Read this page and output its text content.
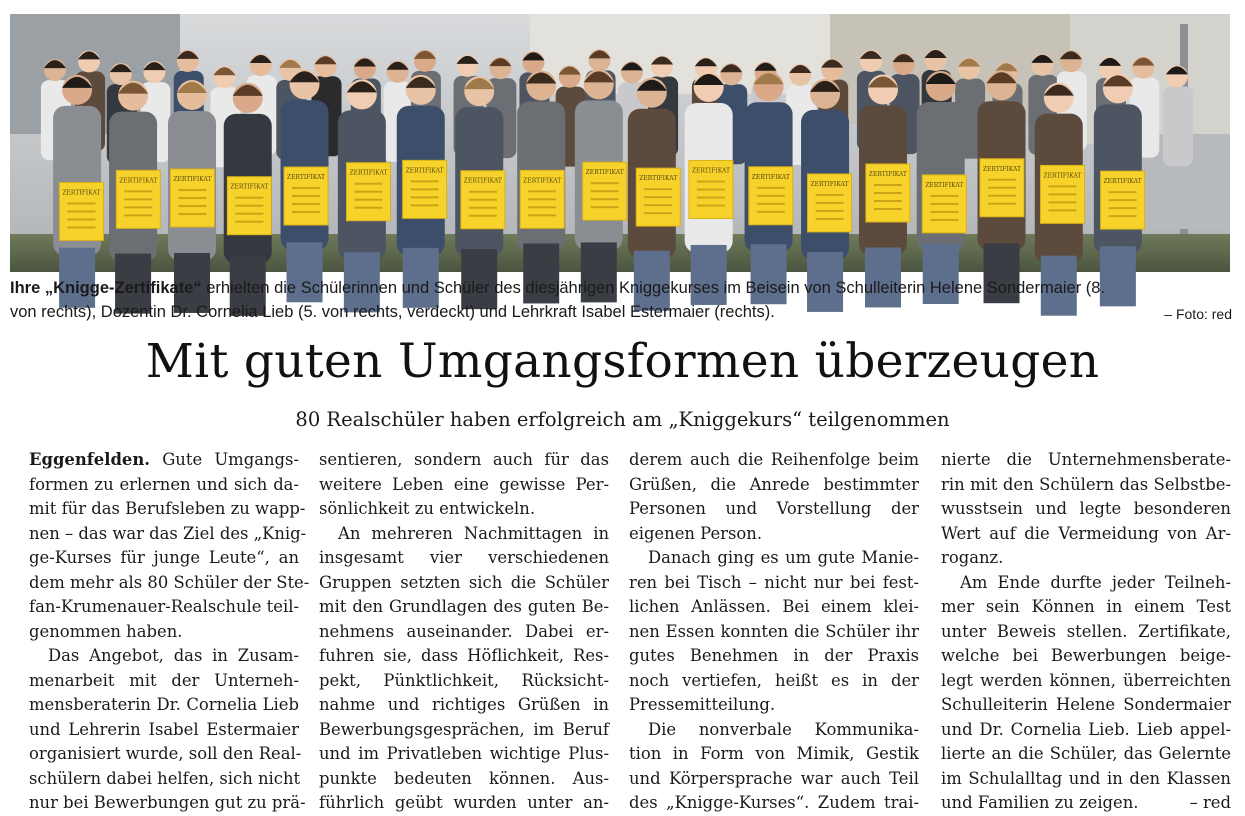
ZERTIFIKAT
ZERTIFIKAT	ZERTIFIKAT
ZERTIFIKAT
ZERTIFIKAT
ZERTIFIKAT	ZERTIFIKAT
ZERTIFIKAT	ZERTIFIKAT
ZERTIFIKAT
ZERTIFIKAT
ZERTIFIKAT
ZERTIFIKAT
ZERTIFIKAT
ZERTIFIKAT
ZERTIFIKAT
ZERTIFIKAT
ZERTIFIKAT
ZERTIFIKAT
Ihre „Knigge-Zertifikate“ erhielten die Schülerinnen und Schüler des diesjährigen Kniggekurses im Beisein von Schulleiterin Helene Sondermaier (8.
von rechts), Dozentin Dr. Cornelia Lieb (5. von rechts, verdeckt) und Lehrkraft Isabel Estermaier (rechts).	– Foto: red
Mit guten Umgangsformen überzeugen
80 Realschüler haben erfolgreich am „Kniggekurs“ teilgenommen
Eggenfelden. Gute Umgangs-
formen zu erlernen und sich da-
mit für das Berufsleben zu wapp-
nen – das war das Ziel des „Knig-
ge-Kurses für junge Leute“, an
dem mehr als 80 Schüler der Ste-
fan-Krumenauer-Realschule teil-
genommen haben.
Das Angebot, das in Zusam-
menarbeit mit der Unterneh-
mensberaterin Dr. Cornelia Lieb
und Lehrerin Isabel Estermaier
organisiert wurde, soll den Real-
schülern dabei helfen, sich nicht
nur bei Bewerbungen gut zu prä-
sentieren, sondern auch für das
weitere Leben eine gewisse Per-
sönlichkeit zu entwickeln.
An mehreren Nachmittagen in
insgesamt vier verschiedenen
Gruppen setzten sich die Schüler
mit den Grundlagen des guten Be-
nehmens auseinander. Dabei er-
fuhren sie, dass Höflichkeit, Res-
pekt, Pünktlichkeit, Rücksicht-
nahme und richtiges Grüßen in
Bewerbungsgesprächen, im Beruf
und im Privatleben wichtige Plus-
punkte bedeuten können. Aus-
führlich geübt wurden unter an-
derem auch die Reihenfolge beim
Grüßen, die Anrede bestimmter
Personen und Vorstellung der
eigenen Person.
Danach ging es um gute Manie-
ren bei Tisch – nicht nur bei fest-
lichen Anlässen. Bei einem klei-
nen Essen konnten die Schüler ihr
gutes Benehmen in der Praxis
noch vertiefen, heißt es in der
Pressemitteilung.
Die nonverbale Kommunika-
tion in Form von Mimik, Gestik
und Körpersprache war auch Teil
des „Knigge-Kurses“. Zudem trai-
nierte die Unternehmensberate-
rin mit den Schülern das Selbstbe-
wusstsein und legte besonderen
Wert auf die Vermeidung von Ar-
roganz.
Am Ende durfte jeder Teilneh-
mer sein Können in einem Test
unter Beweis stellen. Zertifikate,
welche bei Bewerbungen beige-
legt werden können, überreichten
Schulleiterin Helene Sondermaier
und Dr. Cornelia Lieb. Lieb appel-
lierte an die Schüler, das Gelernte
im Schulalltag und in den Klassen
und Familien zu zeigen.	– red
